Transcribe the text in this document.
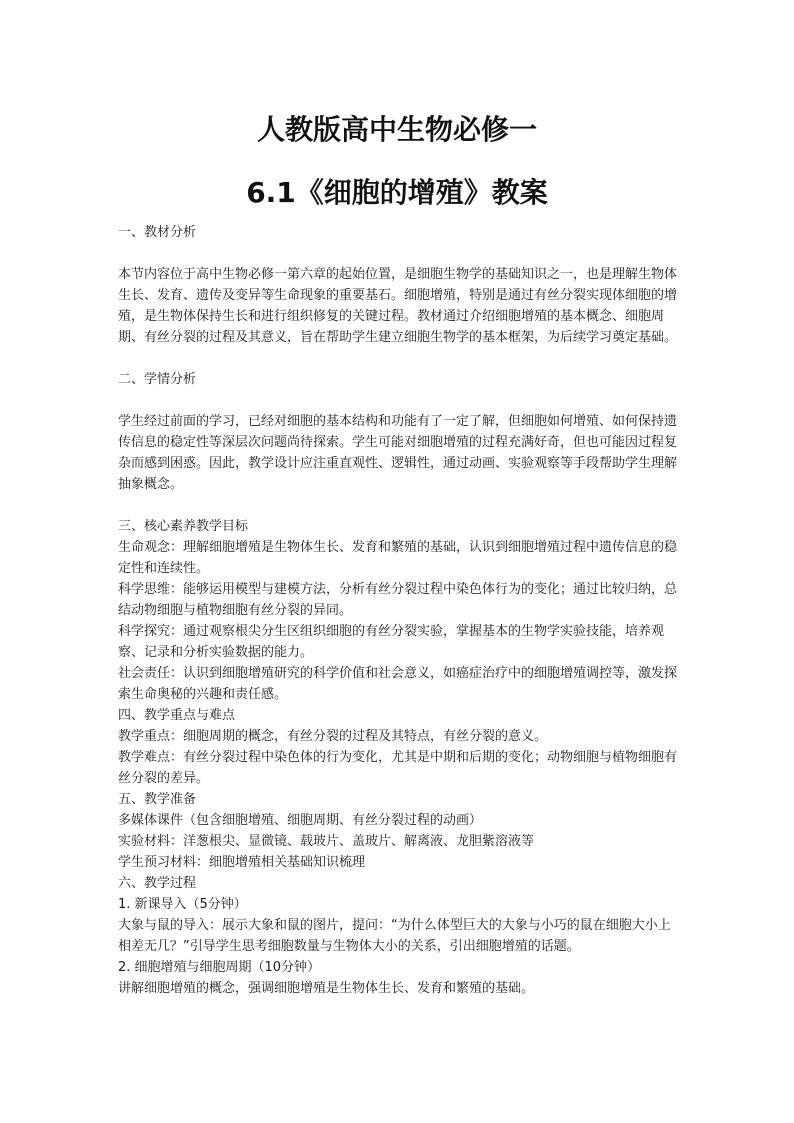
人教版高中生物必修一
6.1《细胞的增殖》教案

一、教材分析

本节内容位于高中生物必修一第六章的起始位置，是细胞生物学的基础知识之一，也是理解生物体生长、发育、遗传及变异等生命现象的重要基石。细胞增殖，特别是通过有丝分裂实现体细胞的增殖，是生物体保持生长和进行组织修复的关键过程。教材通过介绍细胞增殖的基本概念、细胞周期、有丝分裂的过程及其意义，旨在帮助学生建立细胞生物学的基本框架，为后续学习奠定基础。

二、学情分析

学生经过前面的学习，已经对细胞的基本结构和功能有了一定了解，但细胞如何增殖、如何保持遗传信息的稳定性等深层次问题尚待探索。学生可能对细胞增殖的过程充满好奇，但也可能因过程复杂而感到困惑。因此，教学设计应注重直观性、逻辑性，通过动画、实验观察等手段帮助学生理解抽象概念。

三、核心素养教学目标

生命观念：理解细胞增殖是生物体生长、发育和繁殖的基础，认识到细胞增殖过程中遗传信息的稳定性和连续性。

科学思维：能够运用模型与建模方法，分析有丝分裂过程中染色体行为的变化；通过比较归纳，总结动物细胞与植物细胞有丝分裂的异同。

科学探究：通过观察根尖分生区组织细胞的有丝分裂实验，掌握基本的生物学实验技能，培养观察、记录和分析实验数据的能力。

社会责任：认识到细胞增殖研究的科学价值和社会意义，如癌症治疗中的细胞增殖调控等，激发探索生命奥秘的兴趣和责任感。

四、教学重点与难点

教学重点：细胞周期的概念，有丝分裂的过程及其特点，有丝分裂的意义。

教学难点：有丝分裂过程中染色体的行为变化，尤其是中期和后期的变化；动物细胞与植物细胞有丝分裂的差异。

五、教学准备

多媒体课件（包含细胞增殖、细胞周期、有丝分裂过程的动画）

实验材料：洋葱根尖、显微镜、载玻片、盖玻片、解离液、龙胆紫溶液等

学生预习材料：细胞增殖相关基础知识梳理

六、教学过程

1. 新课导入（5分钟）

大象与鼠的导入：展示大象和鼠的图片，提问：“为什么体型巨大的大象与小巧的鼠在细胞大小上相差无几？”引导学生思考细胞数量与生物体大小的关系，引出细胞增殖的话题。

2. 细胞增殖与细胞周期（10分钟）

讲解细胞增殖的概念，强调细胞增殖是生物体生长、发育和繁殖的基础。
